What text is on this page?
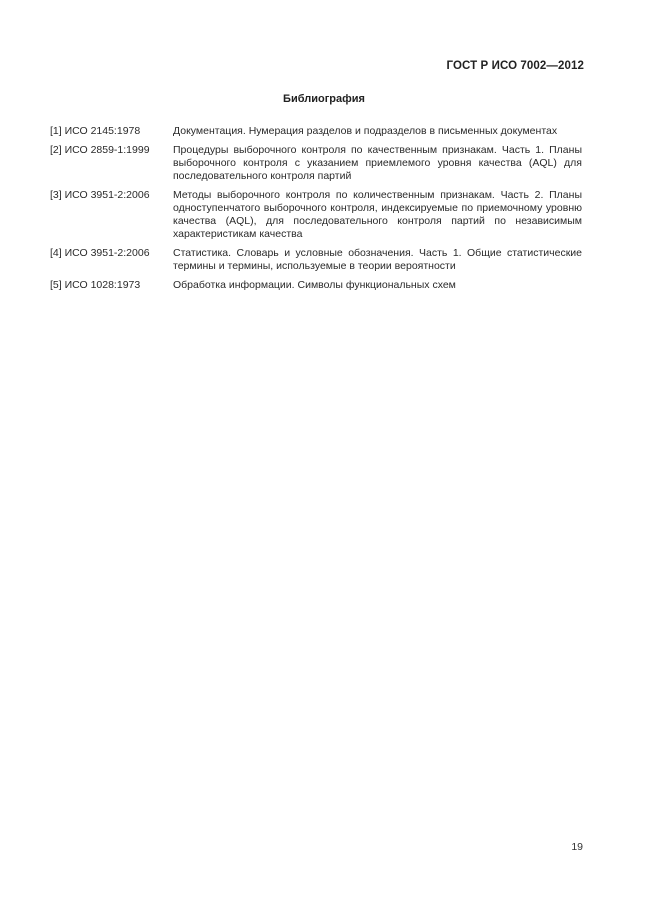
ГОСТ Р ИСО 7002—2012
Библиография
[1] ИСО 2145:1978	Документация. Нумерация разделов и подразделов в письменных документах
[2] ИСО 2859-1:1999	Процедуры выборочного контроля по качественным признакам. Часть 1. Планы выборочного контроля с указанием приемлемого уровня качества (AQL) для последовательного контроля партий
[3] ИСО 3951-2:2006	Методы выборочного контроля по количественным признакам. Часть 2. Планы одноступенчатого выборочного контроля, индексируемые по приемочному уровню качества (AQL), для последовательного контроля партий по независимым характеристикам качества
[4] ИСО 3951-2:2006	Статистика. Словарь и условные обозначения. Часть 1. Общие статистические термины и термины, используемые в теории вероятности
[5] ИСО 1028:1973	Обработка информации. Символы функциональных схем
19
